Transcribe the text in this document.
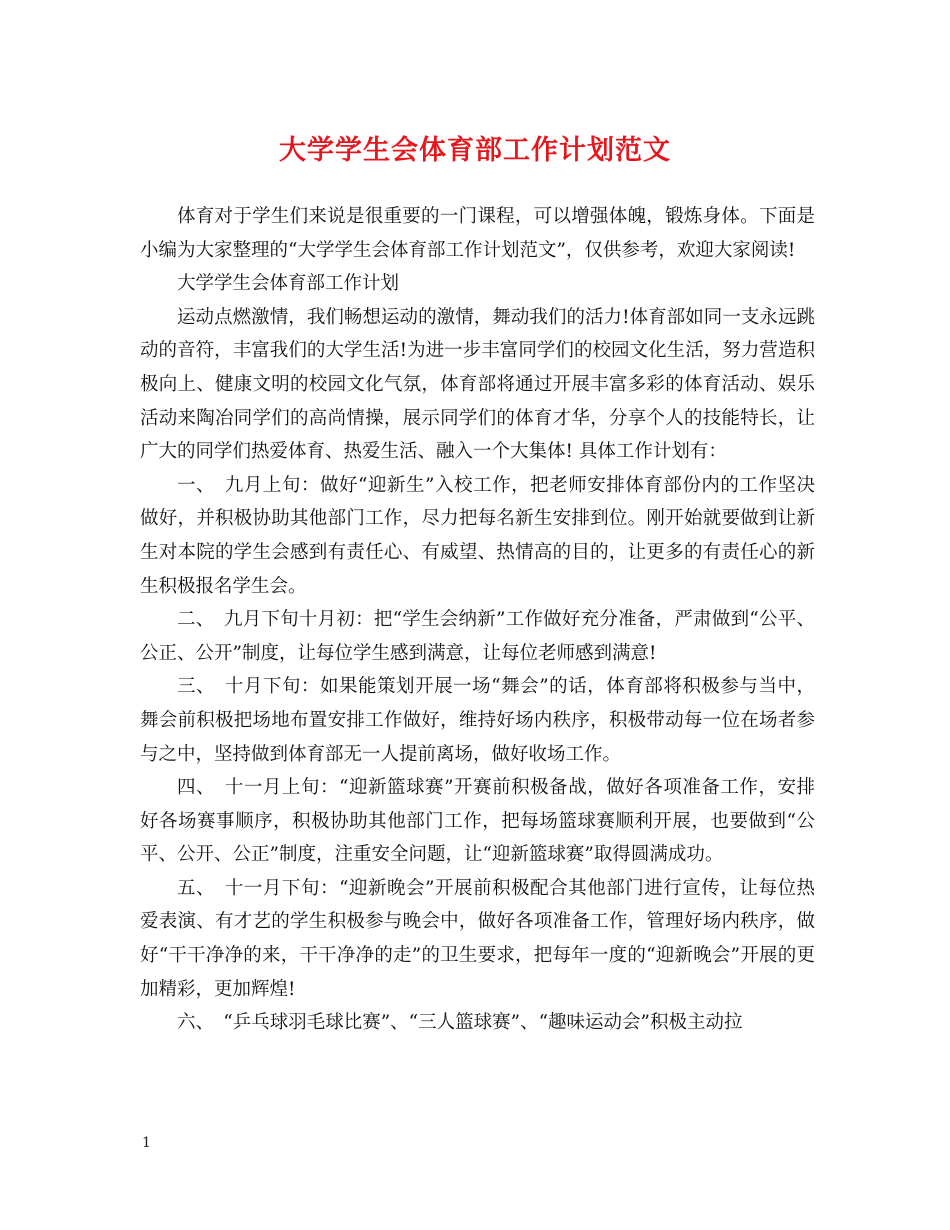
大学学生会体育部工作计划范文

体育对于学生们来说是很重要的一门课程，可以增强体魄，锻炼身体。下面是小编为大家整理的“大学学生会体育部工作计划范文”，仅供参考，欢迎大家阅读!

大学学生会体育部工作计划

运动点燃激情，我们畅想运动的激情，舞动我们的活力!体育部如同一支永远跳动的音符，丰富我们的大学生活!为进一步丰富同学们的校园文化生活，努力营造积极向上、健康文明的校园文化气氛，体育部将通过开展丰富多彩的体育活动、娱乐活动来陶冶同学们的高尚情操，展示同学们的体育才华，分享个人的技能特长，让广大的同学们热爱体育、热爱生活、融入一个大集体! 具体工作计划有：

一、　九月上旬：做好“迎新生”入校工作，把老师安排体育部份内的工作坚决做好，并积极协助其他部门工作，尽力把每名新生安排到位。刚开始就要做到让新生对本院的学生会感到有责任心、有威望、热情高的目的，让更多的有责任心的新生积极报名学生会。

二、　九月下旬十月初：把“学生会纳新”工作做好充分准备，严肃做到“公平、公正、公开”制度，让每位学生感到满意，让每位老师感到满意!

三、　十月下旬：如果能策划开展一场“舞会”的话，体育部将积极参与当中，舞会前积极把场地布置安排工作做好，维持好场内秩序，积极带动每一位在场者参与之中，坚持做到体育部无一人提前离场，做好收场工作。

四、　十一月上旬：“迎新篮球赛”开赛前积极备战，做好各项准备工作，安排好各场赛事顺序，积极协助其他部门工作，把每场篮球赛顺利开展，也要做到“公平、公开、公正”制度，注重安全问题，让“迎新篮球赛”取得圆满成功。

五、　十一月下旬：“迎新晚会”开展前积极配合其他部门进行宣传，让每位热爱表演、有才艺的学生积极参与晚会中，做好各项准备工作，管理好场内秩序，做好“干干净净的来，干干净净的走”的卫生要求，把每年一度的“迎新晚会”开展的更加精彩，更加辉煌!

六、　“乒乓球羽毛球比赛”、“三人篮球赛”、“趣味运动会”积极主动拉

1
